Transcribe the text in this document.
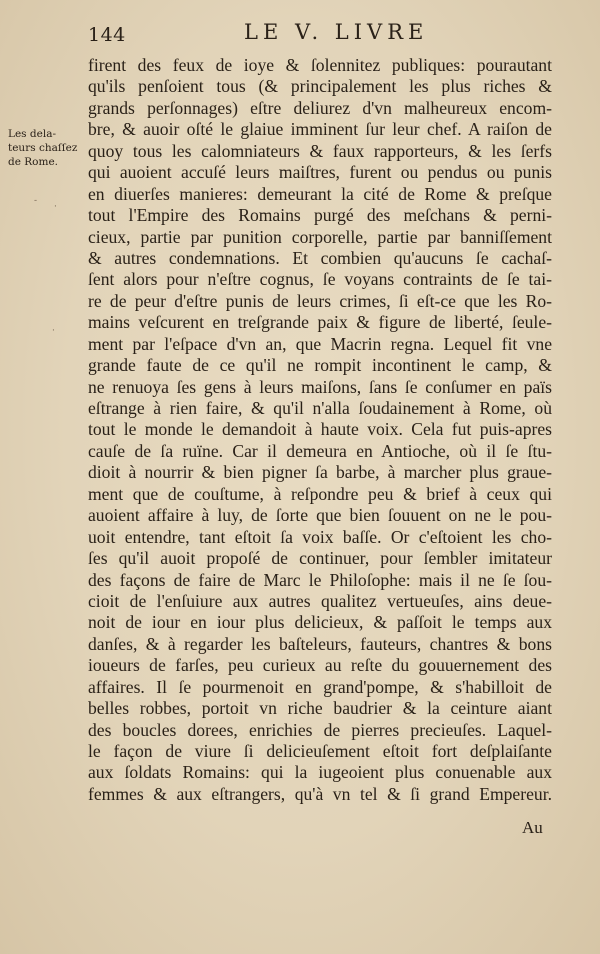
144	LE V. LIVRE
Les dela-
teurs chaſſez
de Rome.
firent des feux de ioye & ſolennitez publiques: pourautant
qu'ils penſoient tous (& principalement les plus riches &
grands perſonnages) eſtre deliurez d'vn malheureux encom-
bre, & auoir oſté le glaiue imminent ſur leur chef. A raiſon de
quoy tous les calomniateurs & faux rapporteurs, & les ſerfs
qui auoient accuſé leurs maiſtres, furent ou pendus ou punis
en diuerſes manieres: demeurant la cité de Rome & preſque
tout l'Empire des Romains purgé des meſchans & perni-
cieux, partie par punition corporelle, partie par banniſſement
& autres condemnations. Et combien qu'aucuns ſe cachaſ-
ſent alors pour n'eſtre cognus, ſe voyans contraints de ſe tai-
re de peur d'eſtre punis de leurs crimes, ſi eſt-ce que les Ro-
mains veſcurent en treſgrande paix & figure de liberté, ſeule-
ment par l'eſpace d'vn an, que Macrin regna. Lequel fit vne
grande faute de ce qu'il ne rompit incontinent le camp, &
ne renuoya ſes gens à leurs maiſons, ſans ſe conſumer en païs
eſtrange à rien faire, & qu'il n'alla ſoudainement à Rome, où
tout le monde le demandoit à haute voix. Cela fut puis-apres
cauſe de ſa ruïne. Car il demeura en Antioche, où il ſe ſtu-
dioit à nourrir & bien pigner ſa barbe, à marcher plus graue-
ment que de couſtume, à reſpondre peu & brief à ceux qui
auoient affaire à luy, de ſorte que bien ſouuent on ne le pou-
uoit entendre, tant eſtoit ſa voix baſſe. Or c'eſtoient les cho-
ſes qu'il auoit propoſé de continuer, pour ſembler imitateur
des façons de faire de Marc le Philoſophe: mais il ne ſe ſou-
cioit de l'enſuiure aux autres qualitez vertueuſes, ains deue-
noit de iour en iour plus delicieux, & paſſoit le temps aux
danſes, & à regarder les baſteleurs, fauteurs, chantres & bons
ioueurs de farſes, peu curieux au reſte du gouuernement des
affaires. Il ſe pourmenoit en grand'pompe, & s'habilloit de
belles robbes, portoit vn riche baudrier & la ceinture aiant
des boucles dorees, enrichies de pierres precieuſes. Laquel-
le façon de viure ſi delicieuſement eſtoit fort deſplaiſante
aux ſoldats Romains: qui la iugeoient plus conuenable aux
femmes & aux eſtrangers, qu'à vn tel & ſi grand Empereur.
Au
-
·
·
